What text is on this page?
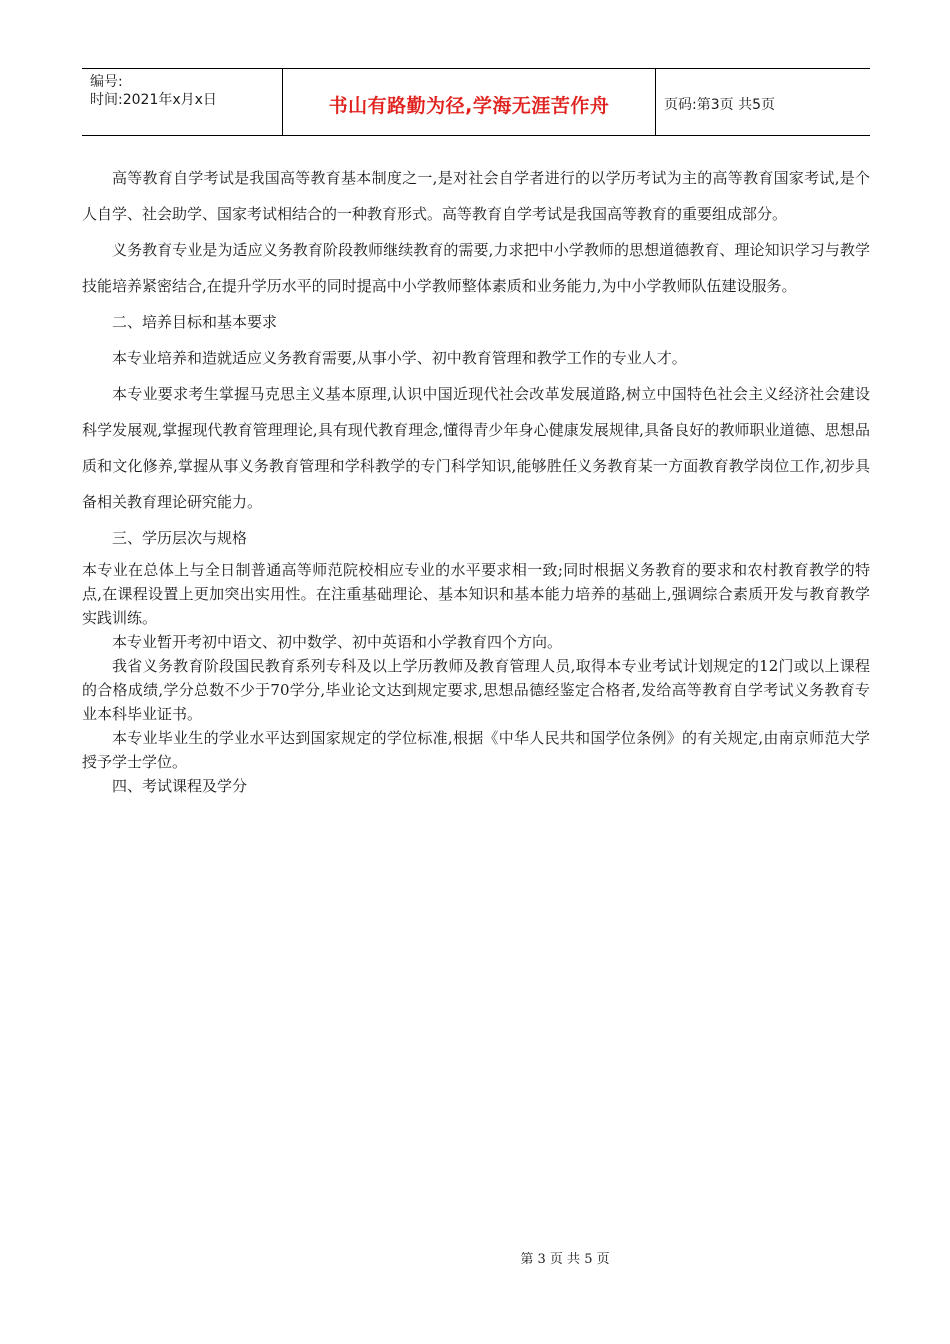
编号:
时间:2021年x月x日	书山有路勤为径,学海无涯苦作舟	页码:第3页 共5页

高等教育自学考试是我国高等教育基本制度之一,是对社会自学者进行的以学历考试为主的高等教育国家考试,是个人自学、社会助学、国家考试相结合的一种教育形式。高等教育自学考试是我国高等教育的重要组成部分。

义务教育专业是为适应义务教育阶段教师继续教育的需要,力求把中小学教师的思想道德教育、理论知识学习与教学技能培养紧密结合,在提升学历水平的同时提高中小学教师整体素质和业务能力,为中小学教师队伍建设服务。

二、培养目标和基本要求

本专业培养和造就适应义务教育需要,从事小学、初中教育管理和教学工作的专业人才。

本专业要求考生掌握马克思主义基本原理,认识中国近现代社会改革发展道路,树立中国特色社会主义经济社会建设科学发展观,掌握现代教育管理理论,具有现代教育理念,懂得青少年身心健康发展规律,具备良好的教师职业道德、思想品质和文化修养,掌握从事义务教育管理和学科教学的专门科学知识,能够胜任义务教育某一方面教育教学岗位工作,初步具备相关教育理论研究能力。

三、学历层次与规格

本专业在总体上与全日制普通高等师范院校相应专业的水平要求相一致;同时根据义务教育的要求和农村教育教学的特点,在课程设置上更加突出实用性。在注重基础理论、基本知识和基本能力培养的基础上,强调综合素质开发与教育教学实践训练。

本专业暂开考初中语文、初中数学、初中英语和小学教育四个方向。

我省义务教育阶段国民教育系列专科及以上学历教师及教育管理人员,取得本专业考试计划规定的12门或以上课程的合格成绩,学分总数不少于70学分,毕业论文达到规定要求,思想品德经鉴定合格者,发给高等教育自学考试义务教育专业本科毕业证书。

本专业毕业生的学业水平达到国家规定的学位标准,根据《中华人民共和国学位条例》的有关规定,由南京师范大学授予学士学位。

四、考试课程及学分

第 3 页 共 5 页
